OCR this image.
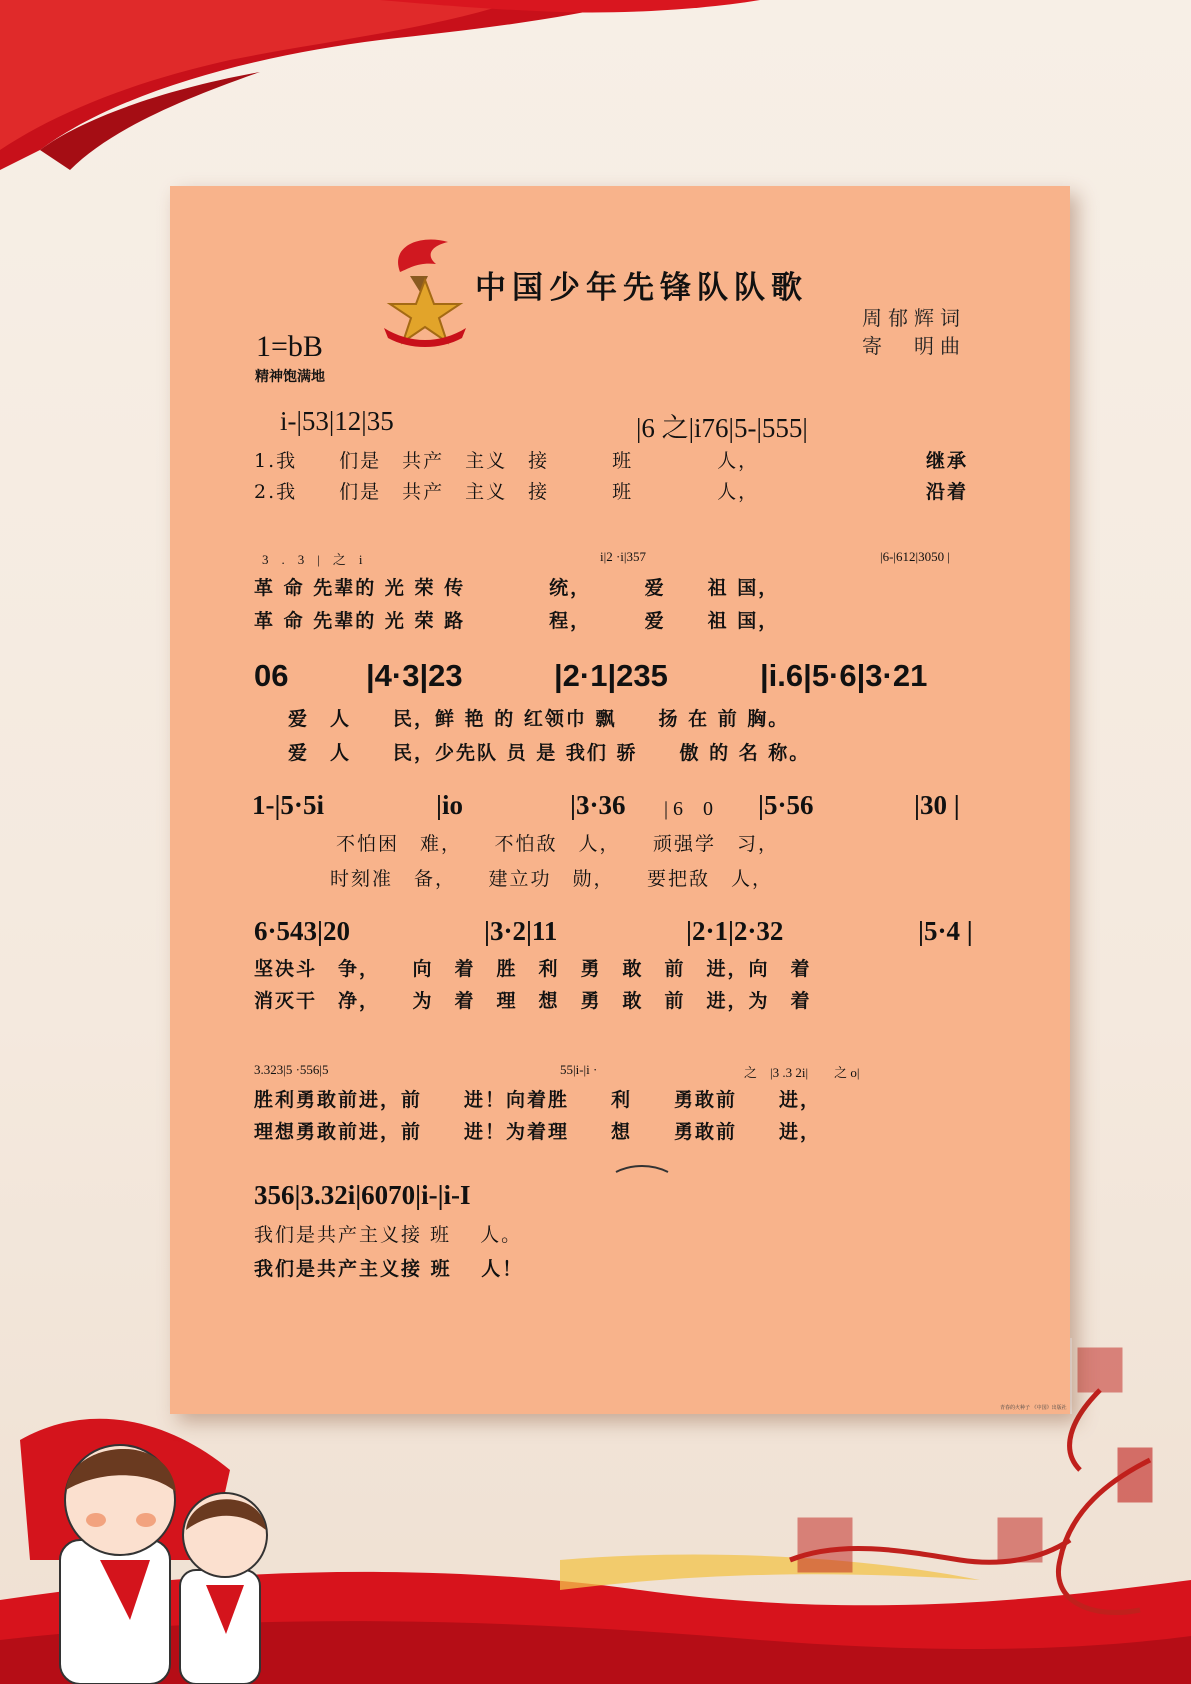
中国少年先锋队队歌
周郁辉词
寄　明曲
1=bB
精神饱满地
i-|53|12|35	|6 之|i76|5-|555|
1.我　　们是　共产　主义　接　　　班　　　　人，　　	继承
2.我　　们是　共产　主义　接　　　班　　　　人，　　	沿着
3　.　3　|　之　i	i|2 ·i|357	|6-|612|3050 |
革 命 先辈的 光 荣 传　　　　统，　　　爱　　祖 国，
革 命 先辈的 光 荣 路　　　　程，　　　爱　　祖 国，
06	|4·3|23	|2·1|235	|i.6|5·6|3·21
爱　人　　民，鲜 艳 的 红领巾 飘　　扬 在 前 胸。
爱　人　　民，少先队 员 是 我们 骄　　傲 的 名 称。
1-|5·5i	|io	|3·36 | 6　0 |5·56	|30 |
不怕困　难，　　不怕敌　人，　　顽强学　习，
时刻准　备，　　建立功　勋，　　要把敌　人，
6·543|20	|3·2|11	|2·1|2·32	|5·4 |
坚决斗　争，　　向　着　胜　利　勇　敢　前　进，向　着
消灭干　净，　　为　着　理　想　勇　敢　前　进，为　着
3.323|5 ·556|5	55|i-|i ·	之　|3 .3 2i|　　之 o|
胜利勇敢前进，前　　进！向着胜　　利　　勇敢前　　进，
理想勇敢前进，前　　进！为着理　　想　　勇敢前　　进，
356|3.32i|6070|i-|i-I
我们是共产主义接 班　 人。
我们是共产主义接 班　 人！
青春的火种子 《中国》出版社
